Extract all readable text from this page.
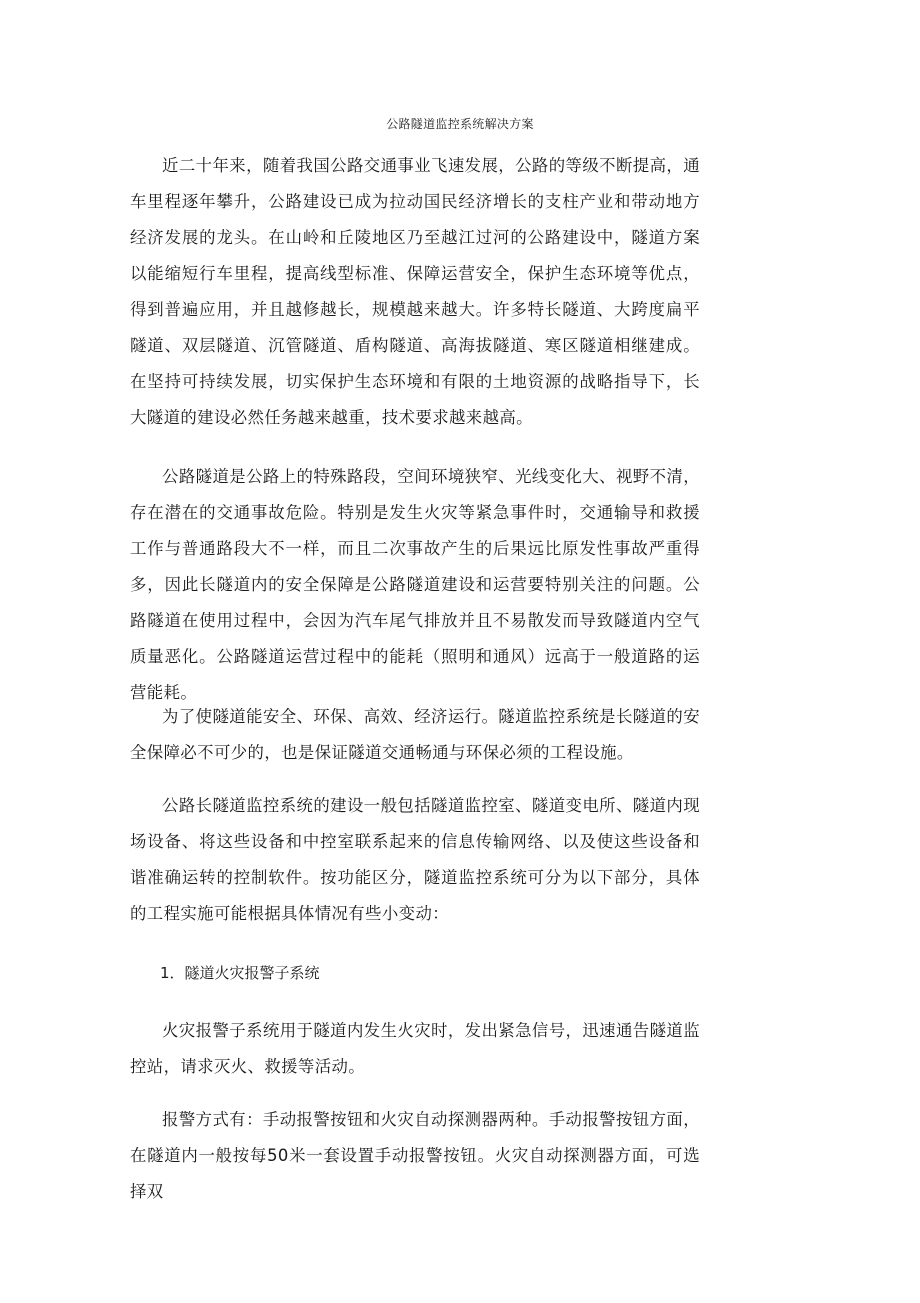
公路隧道监控系统解决方案

近二十年来，随着我国公路交通事业飞速发展，公路的等级不断提高，通车里程逐年攀升，公路建设已成为拉动国民经济增长的支柱产业和带动地方经济发展的龙头。在山岭和丘陵地区乃至越江过河的公路建设中，隧道方案以能缩短行车里程，提高线型标准、保障运营安全，保护生态环境等优点，得到普遍应用，并且越修越长，规模越来越大。许多特长隧道、大跨度扁平隧道、双层隧道、沉管隧道、盾构隧道、高海拔隧道、寒区隧道相继建成。在坚持可持续发展，切实保护生态环境和有限的土地资源的战略指导下，长大隧道的建设必然任务越来越重，技术要求越来越高。

公路隧道是公路上的特殊路段，空间环境狭窄、光线变化大、视野不清，存在潜在的交通事故危险。特别是发生火灾等紧急事件时，交通输导和救援工作与普通路段大不一样，而且二次事故产生的后果远比原发性事故严重得多，因此长隧道内的安全保障是公路隧道建设和运营要特别关注的问题。公路隧道在使用过程中，会因为汽车尾气排放并且不易散发而导致隧道内空气质量恶化。公路隧道运营过程中的能耗（照明和通风）远高于一般道路的运营能耗。

为了使隧道能安全、环保、高效、经济运行。隧道监控系统是长隧道的安全保障必不可少的，也是保证隧道交通畅通与环保必须的工程设施。

公路长隧道监控系统的建设一般包括隧道监控室、隧道变电所、隧道内现场设备、将这些设备和中控室联系起来的信息传输网络、以及使这些设备和谐准确运转的控制软件。按功能区分，隧道监控系统可分为以下部分，具体的工程实施可能根据具体情况有些小变动：

1．隧道火灾报警子系统

火灾报警子系统用于隧道内发生火灾时，发出紧急信号，迅速通告隧道监控站，请求灭火、救援等活动。

报警方式有：手动报警按钮和火灾自动探测器两种。手动报警按钮方面，在隧道内一般按每50米一套设置手动报警按钮。火灾自动探测器方面，可选择双
